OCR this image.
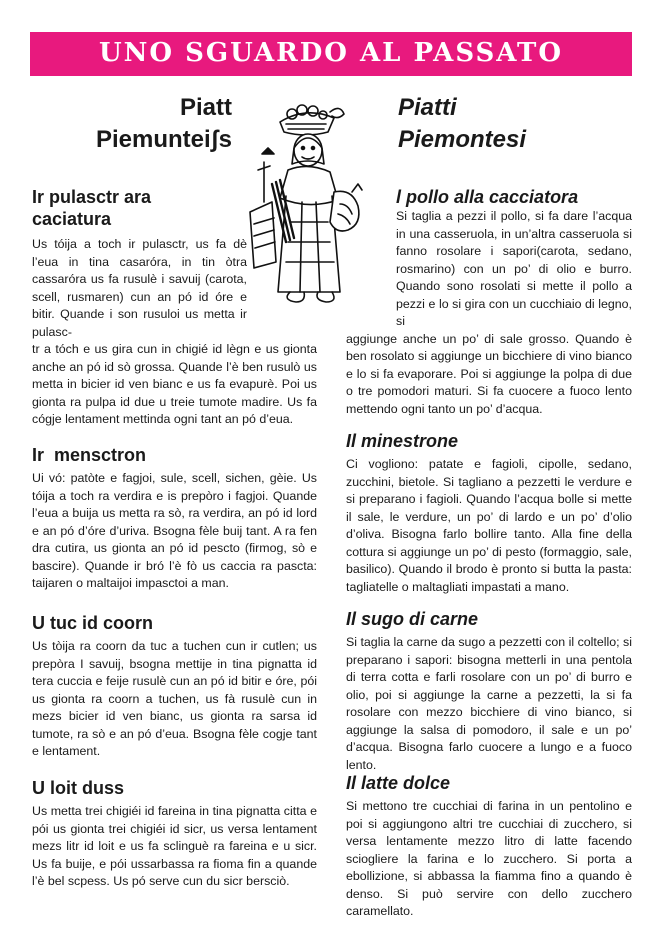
UNO SGUARDO AL PASSATO
Piatt
Piemunteiʃs
Piatti
Piemontesi
Ir pulasctr ara
caciatura

Us tóija a toch ir pulasctr, us fa dè l’eua in tina casaróra, in tin òtra cassaróra us fa rusulè i savuij (carota, scell, rusmaren) cun an pó id óre e bitir. Quande i son rusuloi us metta ir pulasc-

tr a tóch e us gira cun in chigié id lègn e us gionta anche an pó id sò grossa. Quande l’è ben rusulò us metta in bicier id ven bianc e us fa evapurè. Poi us gionta ra pulpa id due u treie tumote madire. Us fa cógje lentament mettinda ogni tant an pó d’eua.

Ir  mensctron

Ui vó: patòte e fagjoi, sule, scell, sichen, gèie. Us tóija a toch ra verdira e is prepòro i fagjoi. Quande l’eua a buija us metta ra sò, ra verdira, an pó id lord e an pó d’óre d’uriva. Bsogna fèle buij tant. A ra fen dra cutira, us gionta an pó id pescto (firmog, sò e bascire). Quande ir bró l’è fò us caccia ra pascta: taijaren o maltaijoi impasctoi a man.

U tuc id coorn

Us tòija ra coorn da tuc a tuchen cun ir cutlen; us prepòra I savuij, bsogna mettije in tina pignatta id tera cuccia e feije rusulè cun an pó id bitir e óre, pói us gionta ra coorn a tuchen, us fà rusulè cun in mezs bicier id ven bianc, us gionta ra sarsa id tumote, ra sò e an pó d’eua. Bsogna fèle cogje tant e lentament.

U loit duss

Us metta trei chigiéi id fareina in tina pignatta citta e pói us gionta trei chigiéi id sicr, us versa lentament mezs litr id loit e us fa sclinguè ra fareina e u sicr. Us fa buije, e pói ussarbassa ra fioma fin a quande l’è bel scpess. Us pó serve cun du sicr bersciò.

l pollo alla cacciatora

Si taglia a pezzi il pollo, si fa dare l’acqua in una casseruola, in un’altra casseruola si fanno rosolare i sapori(carota, sedano, rosmarino) con un po’ di olio e burro. Quando sono rosolati si mette il pollo a pezzi e lo si gira con un cucchiaio di legno, si

aggiunge anche un po’ di sale grosso. Quando è ben rosolato si aggiunge un bicchiere di vino bianco e lo si fa evaporare. Poi si aggiunge la polpa di due o tre pomodori maturi. Si fa cuocere a fuoco lento mettendo ogni tanto un po’ d’acqua.

Il minestrone

Ci vogliono: patate e fagioli, cipolle, sedano, zucchini, bietole. Si tagliano a pezzetti le verdure e si preparano i fagioli. Quando l’acqua bolle si mette il sale, le verdure, un po’ di lardo e un po’ d’olio d’oliva. Bisogna farlo bollire tanto. Alla fine della cottura si aggiunge un po’ di pesto (formaggio, sale, basilico). Quando il brodo è pronto si butta la pasta: tagliatelle o maltagliati impastati a mano.

Il sugo di carne

Si taglia la carne da sugo a pezzetti con il coltello; si preparano i sapori: bisogna metterli in una pentola di terra cotta e farli rosolare con un po’ di burro e olio, poi si aggiunge la carne a pezzetti, la si fa rosolare con mezzo bicchiere di vino bianco, si aggiunge la salsa di pomodoro, il sale e un po’ d’acqua. Bisogna farlo cuocere a lungo e a fuoco lento.

Il latte dolce

Si mettono tre cucchiai di farina in un pentolino e poi si aggiungono altri tre cucchiai di zucchero, si versa lentamente mezzo litro di latte facendo sciogliere la farina e lo zucchero. Si porta a ebollizione, si abbassa la fiamma fino a quando è denso. Si può servire con dello zucchero caramellato.
